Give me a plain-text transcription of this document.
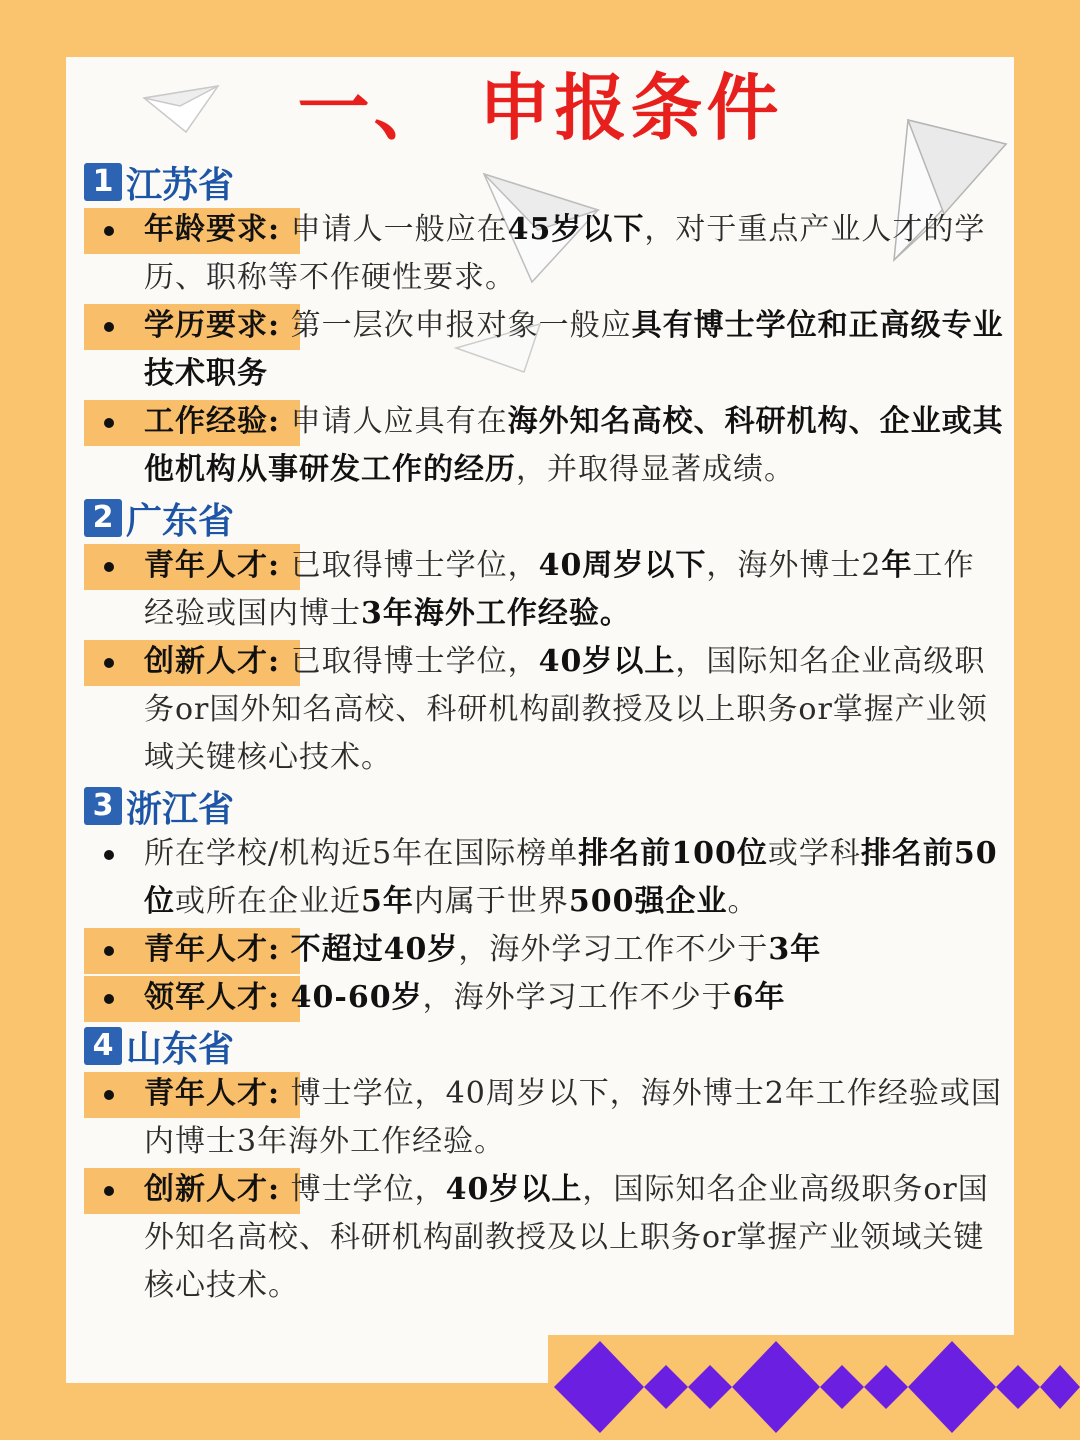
一、 申报条件
1 江苏省
年龄要求: 申请人一般应在45岁以下，对于重点产业人才的学历、职称等不作硬性要求。
学历要求: 第一层次申报对象一般应具有博士学位和正高级专业技术职务
工作经验: 申请人应具有在海外知名高校、科研机构、企业或其他机构从事研发工作的经历，并取得显著成绩。
2 广东省
青年人才: 已取得博士学位，40周岁以下，海外博士2年工作经验或国内博士3年海外工作经验。
创新人才: 已取得博士学位，40岁以上，国际知名企业高级职务or国外知名高校、科研机构副教授及以上职务or掌握产业领域关键核心技术。
3 浙江省
所在学校/机构近5年在国际榜单排名前100位或学科排名前50位或所在企业近5年内属于世界500强企业。
青年人才: 不超过40岁，海外学习工作不少于3年
领军人才: 40-60岁，海外学习工作不少于6年
4 山东省
青年人才: 博士学位，40周岁以下，海外博士2年工作经验或国内博士3年海外工作经验。
创新人才: 博士学位，40岁以上，国际知名企业高级职务or国外知名高校、科研机构副教授及以上职务or掌握产业领域关键核心技术。
